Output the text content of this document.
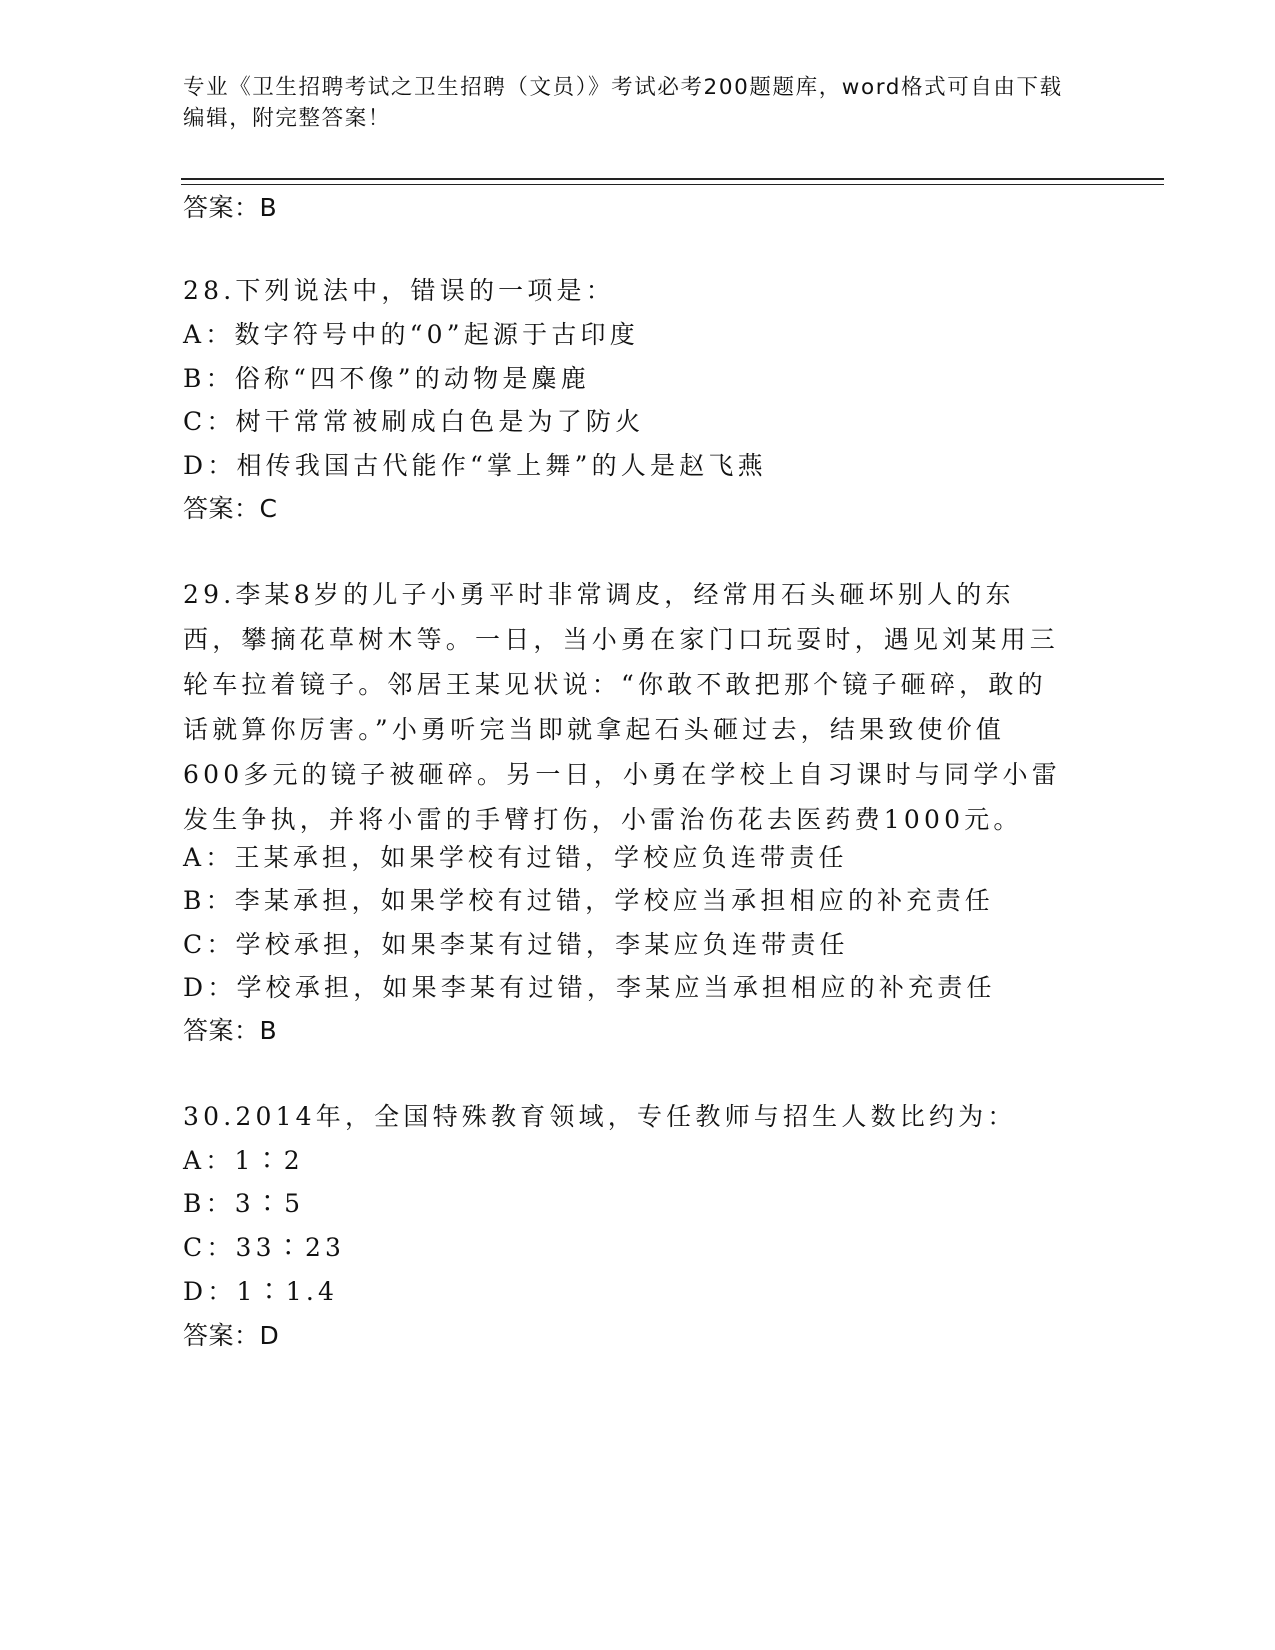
专业《卫生招聘考试之卫生招聘（文员）》考试必考200题题库，word格式可自由下载编辑，附完整答案！
答案：B
28.下列说法中，错误的一项是：
A：数字符号中的“0”起源于古印度
B：俗称“四不像”的动物是麋鹿
C：树干常常被刷成白色是为了防火
D：相传我国古代能作“掌上舞”的人是赵飞燕
答案：C
29.李某8岁的儿子小勇平时非常调皮，经常用石头砸坏别人的东西，攀摘花草树木等。一日，当小勇在家门口玩耍时，遇见刘某用三轮车拉着镜子。邻居王某见状说：“你敢不敢把那个镜子砸碎，敢的话就算你厉害。”小勇听完当即就拿起石头砸过去，结果致使价值600多元的镜子被砸碎。另一日，小勇在学校上自习课时与同学小雷发生争执，并将小雷的手臂打伤，小雷治伤花去医药费1000元。
A：王某承担，如果学校有过错，学校应负连带责任
B：李某承担，如果学校有过错，学校应当承担相应的补充责任
C：学校承担，如果李某有过错，李某应负连带责任
D：学校承担，如果李某有过错，李某应当承担相应的补充责任
答案：B
30.2014年，全国特殊教育领域，专任教师与招生人数比约为：
A：1∶2
B：3∶5
C：33∶23
D：1∶1.4
答案：D
